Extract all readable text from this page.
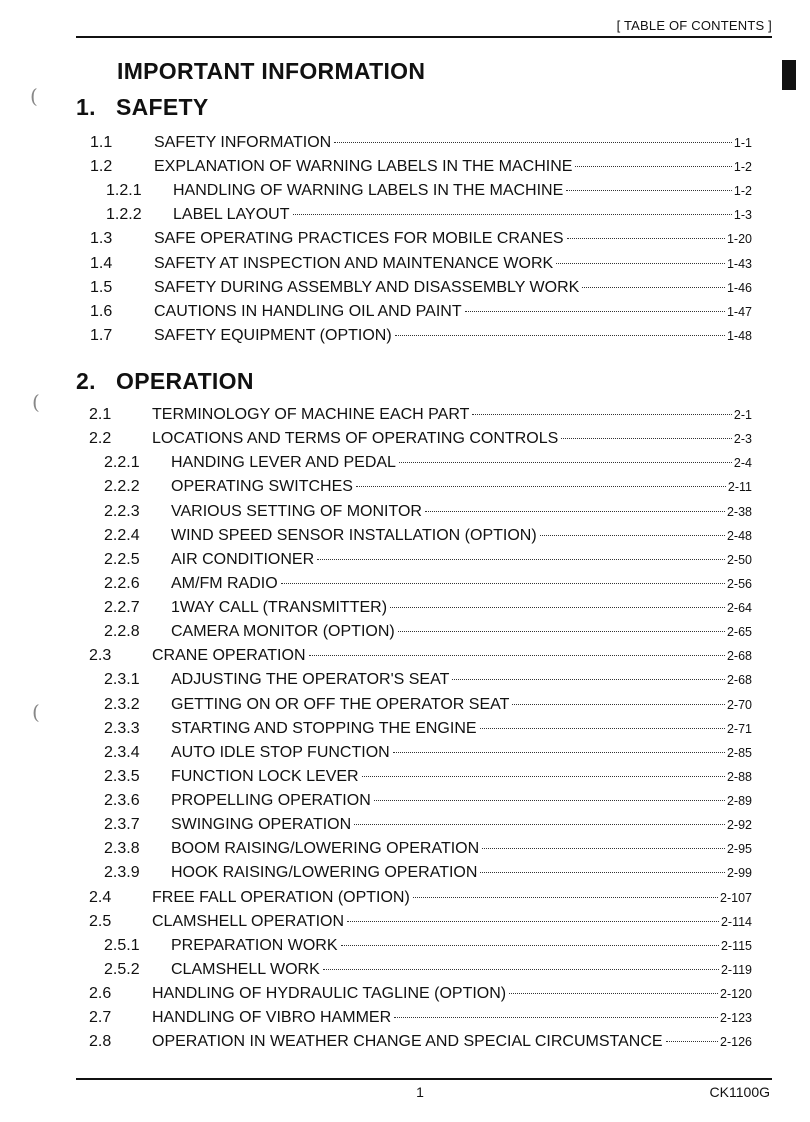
[ TABLE OF CONTENTS ]
(
(
(
IMPORTANT INFORMATION
1. SAFETY
1.1	SAFETY INFORMATION	1-1
1.2	EXPLANATION OF WARNING LABELS IN THE MACHINE	1-2
1.2.1 HANDLING OF WARNING LABELS IN THE MACHINE	1-2
1.2.2 LABEL LAYOUT	1-3
1.3	SAFE OPERATING PRACTICES FOR MOBILE CRANES	1-20
1.4	SAFETY AT INSPECTION AND MAINTENANCE WORK	1-43
1.5	SAFETY DURING ASSEMBLY AND DISASSEMBLY WORK	1-46
1.6	CAUTIONS IN HANDLING OIL AND PAINT	1-47
1.7	SAFETY EQUIPMENT (OPTION)	1-48
2. OPERATION
2.1	TERMINOLOGY OF MACHINE EACH PART	2-1
2.2	LOCATIONS AND TERMS OF OPERATING CONTROLS	2-3
2.2.1 HANDING LEVER AND PEDAL	2-4
2.2.2 OPERATING SWITCHES	2-11
2.2.3 VARIOUS SETTING OF MONITOR	2-38
2.2.4 WIND SPEED SENSOR INSTALLATION (OPTION)	2-48
2.2.5 AIR CONDITIONER	2-50
2.2.6 AM/FM RADIO	2-56
2.2.7 1WAY CALL (TRANSMITTER)	2-64
2.2.8 CAMERA MONITOR (OPTION)	2-65
2.3	CRANE OPERATION	2-68
2.3.1 ADJUSTING THE OPERATOR'S SEAT	2-68
2.3.2 GETTING ON OR OFF THE OPERATOR SEAT	2-70
2.3.3 STARTING AND STOPPING THE ENGINE	2-71
2.3.4 AUTO IDLE STOP FUNCTION	2-85
2.3.5 FUNCTION LOCK LEVER	2-88
2.3.6 PROPELLING OPERATION	2-89
2.3.7 SWINGING OPERATION	2-92
2.3.8 BOOM RAISING/LOWERING OPERATION	2-95
2.3.9 HOOK RAISING/LOWERING OPERATION	2-99
2.4	FREE FALL OPERATION (OPTION)	2-107
2.5	CLAMSHELL OPERATION	2-114
2.5.1 PREPARATION WORK	2-115
2.5.2 CLAMSHELL WORK	2-119
2.6	HANDLING OF HYDRAULIC TAGLINE (OPTION)	2-120
2.7	HANDLING OF VIBRO HAMMER	2-123
2.8	OPERATION IN WEATHER CHANGE AND SPECIAL CIRCUMSTANCE	2-126
1	CK1100G
